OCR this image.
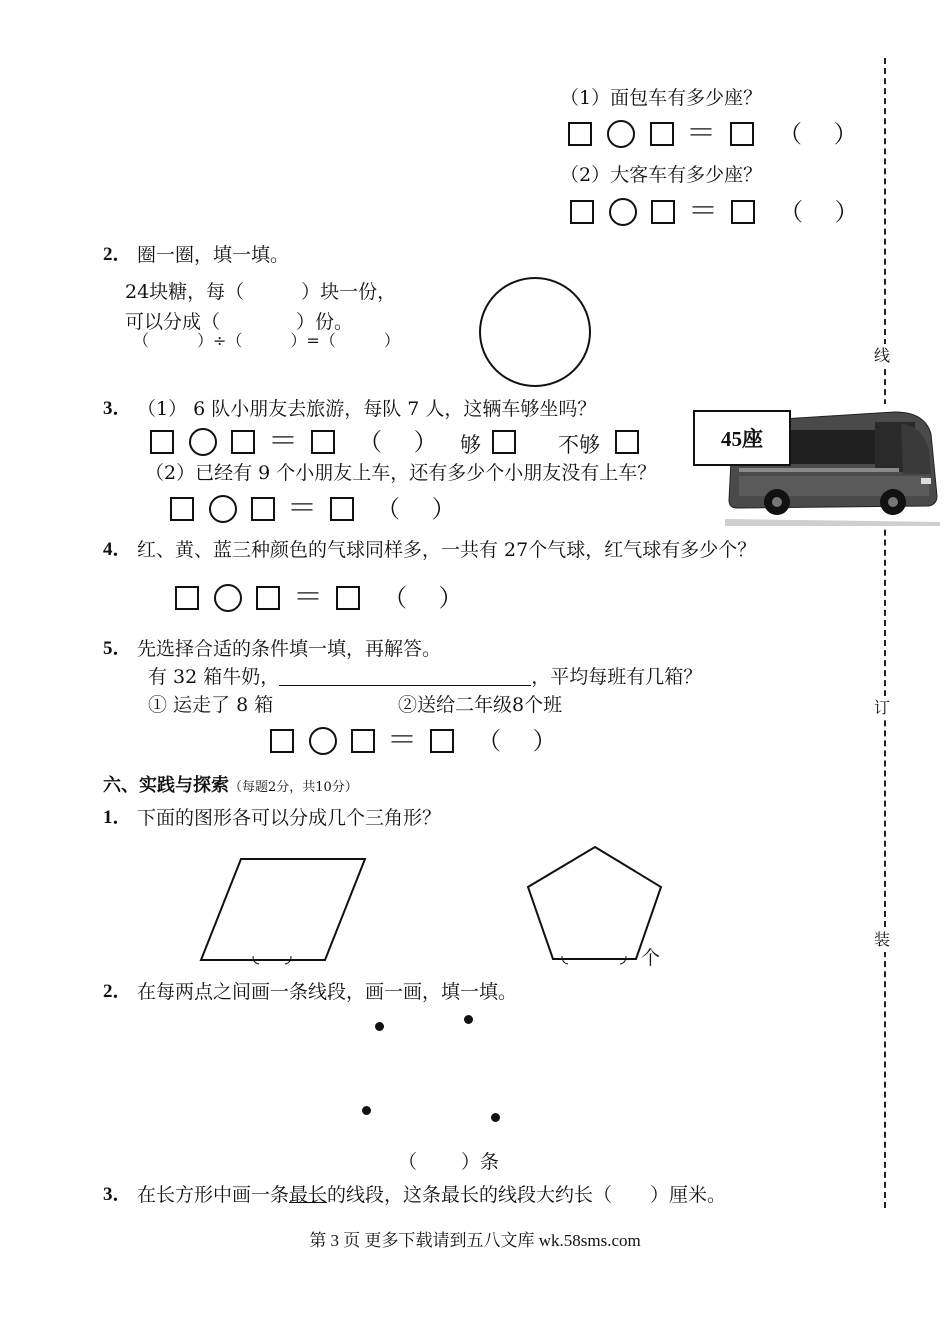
线
订
装
（1）面包车有多少座？
＝	（　 ）
（2）大客车有多少座？
＝	（　 ）
2． 圈一圈，填一填。
24块糖，每（　　　）块一份，
可以分成（　　　　）份。
（　　　）÷（　　　）=（　　　）
3． （1） 6 队小朋友去旅游，每队 7 人，这辆车够坐吗？
45座
＝	（　 ） 够	不够
（2）已经有 9 个小朋友上车，还有多少个小朋友没有上车？
＝ （　 ）
4． 红、黄、蓝三种颜色的气球同样多，一共有 27个气球，红气球有多少个？
＝	（　 ）
5． 先选择合适的条件填一填，再解答。
有 32 箱牛奶，	，平均每班有几箱？
① 运走了 8 箱	②送给二年级8个班
＝	（　 ）
六、实践与探索（每题2分，共10分）
1． 下面的图形各可以分成几个三角形？
个
2． 在每两点之间画一条线段，画一画，填一填。
（　　 ）条
3． 在长方形中画一条最长的线段，这条最长的线段大约长（　　）厘米。
第 3 页 更多下载请到五八文库 wk.58sms.com
